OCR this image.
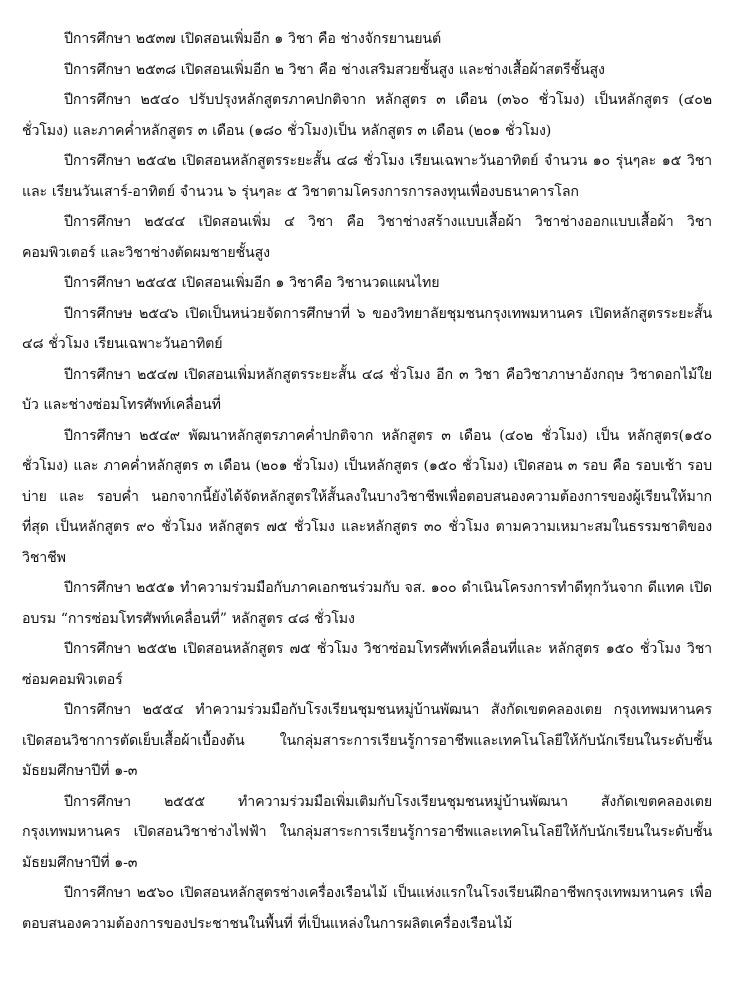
ปีการศึกษา ๒๕๓๗ เปิดสอนเพิ่มอีก ๑ วิชา คือ ช่างจักรยานยนต์

ปีการศึกษา ๒๕๓๘ เปิดสอนเพิ่มอีก ๒ วิชา คือ ช่างเสริมสวยชั้นสูง และช่างเสื้อผ้าสตรีชั้นสูง

ปีการศึกษา ๒๕๔๐ ปรับปรุงหลักสูตรภาคปกติจาก หลักสูตร ๓ เดือน (๓๖๐ ชั่วโมง) เป็นหลักสูตร (๔๐๒ ชั่วโมง) และภาคค่ำหลักสูตร ๓ เดือน (๑๘๐ ชั่วโมง)เป็น หลักสูตร ๓ เดือน (๒๐๑ ชั่วโมง)

ปีการศึกษา ๒๕๔๒ เปิดสอนหลักสูตรระยะสั้น ๔๘ ชั่วโมง เรียนเฉพาะวันอาทิตย์ จำนวน ๑๐ รุ่นๆละ ๑๕ วิชาและ เรียนวันเสาร์-อาทิตย์ จำนวน ๖ รุ่นๆละ ๕ วิชาตามโครงการการลงทุนเพื่องบธนาคารโลก

ปีการศึกษา ๒๕๔๔ เปิดสอนเพิ่ม ๔ วิชา คือ วิชาช่างสร้างแบบเสื้อผ้า วิชาช่างออกแบบเสื้อผ้า วิชาคอมพิวเตอร์ และวิชาช่างตัดผมชายชั้นสูง

ปีการศึกษา ๒๕๔๕ เปิดสอนเพิ่มอีก ๑ วิชาคือ วิชานวดแผนไทย

ปีการศึกษษ ๒๕๔๖ เปิดเป็นหน่วยจัดการศึกษาที่ ๖ ของวิทยาลัยชุมชนกรุงเทพมหานคร เปิดหลักสูตรระยะสั้น ๔๘ ชั่วโมง เรียนเฉพาะวันอาทิตย์

ปีการศึกษา ๒๕๔๗ เปิดสอนเพิ่มหลักสูตรระยะสั้น ๔๘ ชั่วโมง อีก ๓ วิชา คือวิชาภาษาอังกฤษ วิชาดอกไม้ใยบัว และช่างซ่อมโทรศัพท์เคลื่อนที่

ปีการศึกษา ๒๕๔๙ พัฒนาหลักสูตรภาคค่ำปกติจาก หลักสูตร ๓ เดือน (๔๐๒ ชั่วโมง) เป็น หลักสูตร(๑๕๐ ชั่วโมง) และ ภาคค่ำหลักสูตร ๓ เดือน (๒๐๑ ชั่วโมง) เป็นหลักสูตร (๑๕๐ ชั่วโมง) เปิดสอน ๓ รอบ คือ รอบเช้า รอบบ่าย และ รอบค่ำ นอกจากนี้ยังได้จัดหลักสูตรให้สั้นลงในบางวิชาชีพเพื่อตอบสนองความต้องการของผู้เรียนให้มากที่สุด เป็นหลักสูตร ๙๐ ชั่วโมง หลักสูตร ๗๕ ชั่วโมง และหลักสูตร ๓๐ ชั่วโมง ตามความเหมาะสมในธรรมชาติของวิชาชีพ

ปีการศึกษา ๒๕๕๑ ทำความร่วมมือกับภาคเอกชนร่วมกับ จส. ๑๐๐ ดำเนินโครงการทำดีทุกวันจาก ดีแทค เปิด อบรม “การซ่อมโทรศัพท์เคลื่อนที่” หลักสูตร ๔๘ ชั่วโมง

ปีการศึกษา ๒๕๕๒ เปิดสอนหลักสูตร ๗๕ ชั่วโมง วิชาซ่อมโทรศัพท์เคลื่อนที่และ หลักสูตร ๑๕๐ ชั่วโมง วิชา ซ่อมคอมพิวเตอร์

ปีการศึกษา ๒๕๕๔ ทำความร่วมมือกับโรงเรียนชุมชนหมู่บ้านพัฒนา สังกัดเขตคลองเตย กรุงเทพมหานคร เปิดสอนวิชาการตัดเย็บเสื้อผ้าเบื้องต้น ในกลุ่มสาระการเรียนรู้การอาชีพและเทคโนโลยีให้กับนักเรียนในระดับชั้น มัธยมศึกษาปีที่ ๑-๓

ปีการศึกษา ๒๕๕๕ ทำความร่วมมือเพิ่มเติมกับโรงเรียนชุมชนหมู่บ้านพัฒนา สังกัดเขตคลองเตย กรุงเทพมหานคร เปิดสอนวิชาช่างไฟฟ้า ในกลุ่มสาระการเรียนรู้การอาชีพและเทคโนโลยีให้กับนักเรียนในระดับชั้น มัธยมศึกษาปีที่ ๑-๓

ปีการศึกษา ๒๕๖๐ เปิดสอนหลักสูตรช่างเครื่องเรือนไม้ เป็นแห่งแรกในโรงเรียนฝึกอาชีพกรุงเทพมหานคร เพื่อตอบสนองความต้องการของประชาชนในพื้นที่ ที่เป็นแหล่งในการผลิตเครื่องเรือนไม้
